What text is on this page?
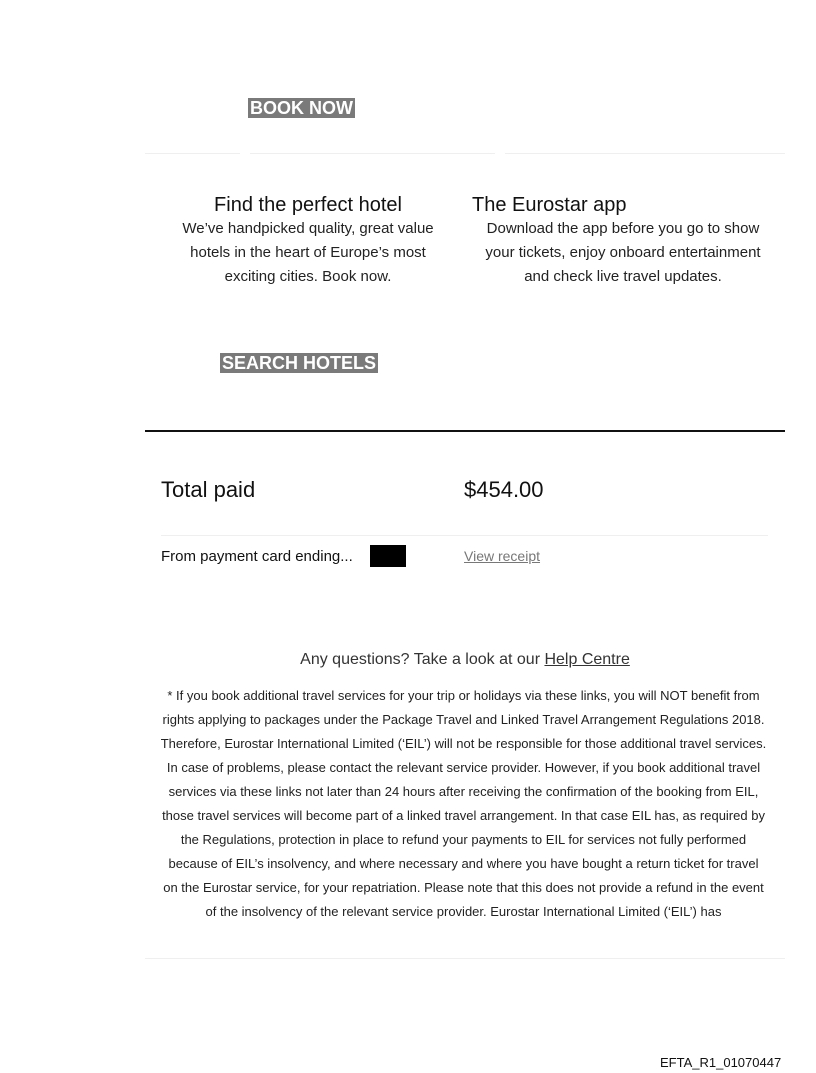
BOOK NOW
Find the perfect hotel

We’ve handpicked quality, great value

hotels in the heart of Europe’s most

exciting cities. Book now.

The Eurostar app

Download the app before you go to show

your tickets, enjoy onboard entertainment

and check live travel updates.

SEARCH HOTELS
Total paid	$454.00
From payment card ending...	View receipt
Any questions? Take a look at our Help Centre

* If you book additional travel services for your trip or holidays via these links, you will NOT benefit from rights applying to packages under the Package Travel and Linked Travel Arrangement Regulations 2018. Therefore, Eurostar International Limited (‘EIL’) will not be responsible for those additional travel services. In case of problems, please contact the relevant service provider. However, if you book additional travel services via these links not later than 24 hours after receiving the confirmation of the booking from EIL, those travel services will become part of a linked travel arrangement. In that case EIL has, as required by the Regulations, protection in place to refund your payments to EIL for services not fully performed because of EIL’s insolvency, and where necessary and where you have bought a return ticket for travel on the Eurostar service, for your repatriation. Please note that this does not provide a refund in the event of the insolvency of the relevant service provider. Eurostar International Limited (‘EIL’) has

EFTA_R1_01070447
